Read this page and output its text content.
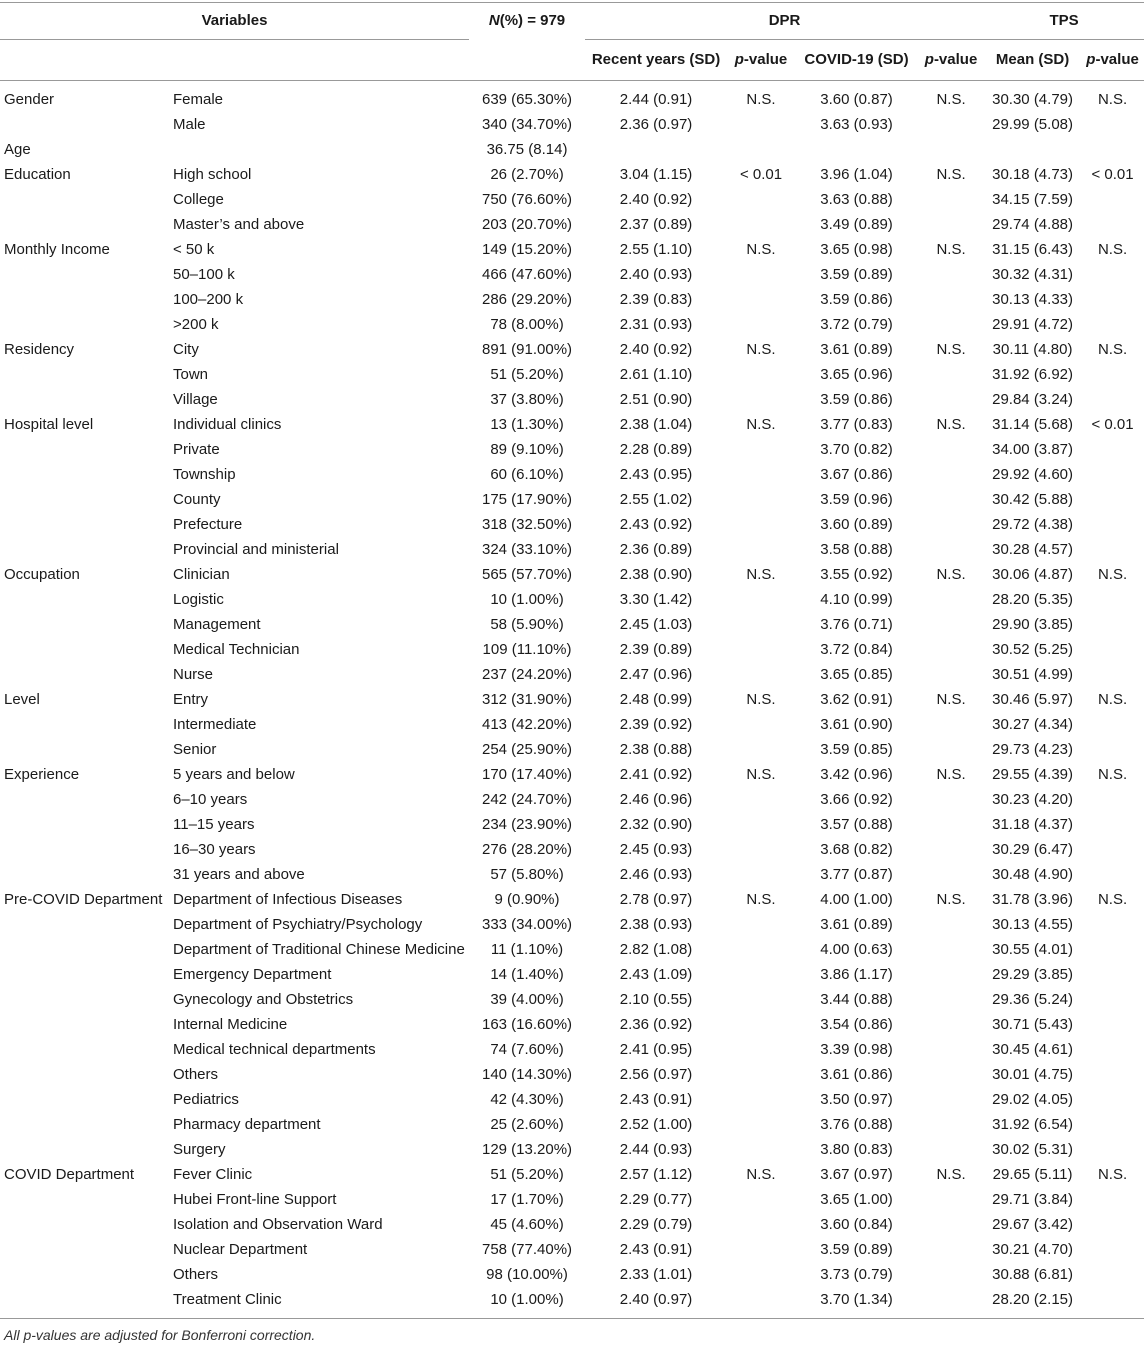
Variables		N(%) = 979	DPR				TPS	
			Recent years (SD)	p-value	COVID-19 (SD)	p-value	Mean (SD)	p-value
Gender	Female	639 (65.30%)	2.44 (0.91)	N.S.	3.60 (0.87)	N.S.	30.30 (4.79)	N.S.
	Male	340 (34.70%)	2.36 (0.97)		3.63 (0.93)		29.99 (5.08)	
Age		36.75 (8.14)						
Education	High school	26 (2.70%)	3.04 (1.15)	< 0.01	3.96 (1.04)	N.S.	30.18 (4.73)	< 0.01
	College	750 (76.60%)	2.40 (0.92)		3.63 (0.88)		34.15 (7.59)	
	Master’s and above	203 (20.70%)	2.37 (0.89)		3.49 (0.89)		29.74 (4.88)	
Monthly Income	< 50 k	149 (15.20%)	2.55 (1.10)	N.S.	3.65 (0.98)	N.S.	31.15 (6.43)	N.S.
	50–100 k	466 (47.60%)	2.40 (0.93)		3.59 (0.89)		30.32 (4.31)	
	100–200 k	286 (29.20%)	2.39 (0.83)		3.59 (0.86)		30.13 (4.33)	
	>200 k	78 (8.00%)	2.31 (0.93)		3.72 (0.79)		29.91 (4.72)	
Residency	City	891 (91.00%)	2.40 (0.92)	N.S.	3.61 (0.89)	N.S.	30.11 (4.80)	N.S.
	Town	51 (5.20%)	2.61 (1.10)		3.65 (0.96)		31.92 (6.92)	
	Village	37 (3.80%)	2.51 (0.90)		3.59 (0.86)		29.84 (3.24)	
Hospital level	Individual clinics	13 (1.30%)	2.38 (1.04)	N.S.	3.77 (0.83)	N.S.	31.14 (5.68)	< 0.01
	Private	89 (9.10%)	2.28 (0.89)		3.70 (0.82)		34.00 (3.87)	
	Township	60 (6.10%)	2.43 (0.95)		3.67 (0.86)		29.92 (4.60)	
	County	175 (17.90%)	2.55 (1.02)		3.59 (0.96)		30.42 (5.88)	
	Prefecture	318 (32.50%)	2.43 (0.92)		3.60 (0.89)		29.72 (4.38)	
	Provincial and ministerial	324 (33.10%)	2.36 (0.89)		3.58 (0.88)		30.28 (4.57)	
Occupation	Clinician	565 (57.70%)	2.38 (0.90)	N.S.	3.55 (0.92)	N.S.	30.06 (4.87)	N.S.
	Logistic	10 (1.00%)	3.30 (1.42)		4.10 (0.99)		28.20 (5.35)	
	Management	58 (5.90%)	2.45 (1.03)		3.76 (0.71)		29.90 (3.85)	
	Medical Technician	109 (11.10%)	2.39 (0.89)		3.72 (0.84)		30.52 (5.25)	
	Nurse	237 (24.20%)	2.47 (0.96)		3.65 (0.85)		30.51 (4.99)	
Level	Entry	312 (31.90%)	2.48 (0.99)	N.S.	3.62 (0.91)	N.S.	30.46 (5.97)	N.S.
	Intermediate	413 (42.20%)	2.39 (0.92)		3.61 (0.90)		30.27 (4.34)	
	Senior	254 (25.90%)	2.38 (0.88)		3.59 (0.85)		29.73 (4.23)	
Experience	5 years and below	170 (17.40%)	2.41 (0.92)	N.S.	3.42 (0.96)	N.S.	29.55 (4.39)	N.S.
	6–10 years	242 (24.70%)	2.46 (0.96)		3.66 (0.92)		30.23 (4.20)	
	11–15 years	234 (23.90%)	2.32 (0.90)		3.57 (0.88)		31.18 (4.37)	
	16–30 years	276 (28.20%)	2.45 (0.93)		3.68 (0.82)		30.29 (6.47)	
	31 years and above	57 (5.80%)	2.46 (0.93)		3.77 (0.87)		30.48 (4.90)	
Pre-COVID Department	Department of Infectious Diseases	9 (0.90%)	2.78 (0.97)	N.S.	4.00 (1.00)	N.S.	31.78 (3.96)	N.S.
	Department of Psychiatry/Psychology	333 (34.00%)	2.38 (0.93)		3.61 (0.89)		30.13 (4.55)	
	Department of Traditional Chinese Medicine	11 (1.10%)	2.82 (1.08)		4.00 (0.63)		30.55 (4.01)	
	Emergency Department	14 (1.40%)	2.43 (1.09)		3.86 (1.17)		29.29 (3.85)	
	Gynecology and Obstetrics	39 (4.00%)	2.10 (0.55)		3.44 (0.88)		29.36 (5.24)	
	Internal Medicine	163 (16.60%)	2.36 (0.92)		3.54 (0.86)		30.71 (5.43)	
	Medical technical departments	74 (7.60%)	2.41 (0.95)		3.39 (0.98)		30.45 (4.61)	
	Others	140 (14.30%)	2.56 (0.97)		3.61 (0.86)		30.01 (4.75)	
	Pediatrics	42 (4.30%)	2.43 (0.91)		3.50 (0.97)		29.02 (4.05)	
	Pharmacy department	25 (2.60%)	2.52 (1.00)		3.76 (0.88)		31.92 (6.54)	
	Surgery	129 (13.20%)	2.44 (0.93)		3.80 (0.83)		30.02 (5.31)	
COVID Department	Fever Clinic	51 (5.20%)	2.57 (1.12)	N.S.	3.67 (0.97)	N.S.	29.65 (5.11)	N.S.
	Hubei Front-line Support	17 (1.70%)	2.29 (0.77)		3.65 (1.00)		29.71 (3.84)	
	Isolation and Observation Ward	45 (4.60%)	2.29 (0.79)		3.60 (0.84)		29.67 (3.42)	
	Nuclear Department	758 (77.40%)	2.43 (0.91)		3.59 (0.89)		30.21 (4.70)	
	Others	98 (10.00%)	2.33 (1.01)		3.73 (0.79)		30.88 (6.81)	
	Treatment Clinic	10 (1.00%)	2.40 (0.97)		3.70 (1.34)		28.20 (2.15)	
All p-values are adjusted for Bonferroni correction.
